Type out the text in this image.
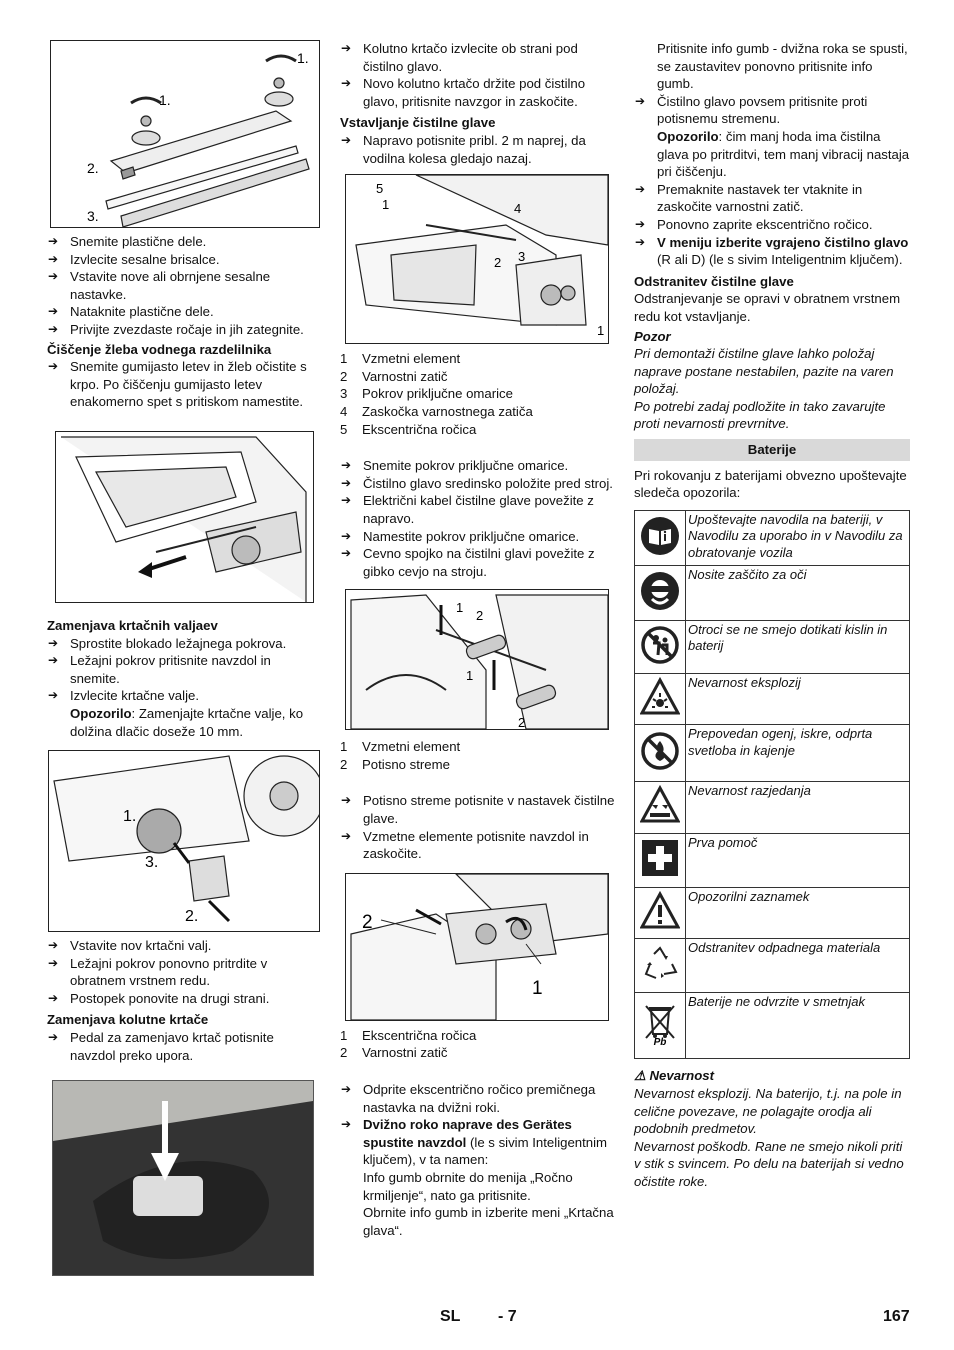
1.
1.
2.
3.
➔ Snemite plastične dele.
➔ Izvlecite sesalne brisalce.
➔ Vstavite nove ali obrnjene sesalne nastavke.
➔ Nataknite plastične dele.
➔ Privijte zvezdaste ročaje in jih zategnite.
Čiščenje žleba vodnega razdelilnika
➔ Snemite gumijasto letev in žleb očistite s krpo. Po čiščenju gumijasto letev enakomerno spet s pritiskom namestite.
Zamenjava krtačnih valjaev
➔ Sprostite blokado ležajnega pokrova.
➔ Ležajni pokrov pritisnite navzdol in snemite.
➔ Izvlecite krtačne valje.
Opozorilo: Zamenjajte krtačne valje, ko dolžina dlačic doseže 10 mm.
1.
3.
2.
➔ Vstavite nov krtačni valj.
➔ Ležajni pokrov ponovno pritrdite v obratnem vrstnem redu.
➔ Postopek ponovite na drugi strani.
Zamenjava kolutne krtače
➔ Pedal za zamenjavo krtač potisnite navzdol preko upora.
➔ Kolutno krtačo izvlecite ob strani pod čistilno glavo.
➔ Novo kolutno krtačo držite pod čistilno glavo, pritisnite navzgor in zaskočite.
Vstavljanje čistilne glave
➔ Napravo potisnite pribl. 2 m naprej, da vodilna kolesa gledajo nazaj.
5
1	4
2 3
1
1	Vzmetni element
2	Varnostni zatič
3	Pokrov priključne omarice
4	Zaskočka varnostnega zatiča
5	Ekscentrična ročica
➔ Snemite pokrov priključne omarice.
➔ Čistilno glavo sredinsko položite pred stroj.
➔ Električni kabel čistilne glave povežite z napravo.
➔ Namestite pokrov priključne omarice.
➔ Cevno spojko na čistilni glavi povežite z gibko cevjo na stroju.
1
2
1
2
1	Vzmetni element
2	Potisno streme
➔ Potisno streme potisnite v nastavek čistilne glave.
➔ Vzmetne elemente potisnite navzdol in zaskočite.
2
1
1	Ekscentrična ročica
2	Varnostni zatič
➔ Odprite ekscentrično ročico premičnega nastavka na dvižni roki.
➔ Dvižno roko naprave des Gerätes spustite navzdol (le s sivim Inteligentnim ključem), v ta namen:
Info gumb obrnite do menija „Ročno krmiljenje“, nato ga pritisnite.
Obrnite info gumb in izberite meni „Krtačna glava“.
Pritisnite info gumb - dvižna roka se spusti, se zaustavitev ponovno pritisnite info gumb.
➔ Čistilno glavo povsem pritisnite proti potisnemu stremenu.
Opozorilo: čim manj hoda ima čistilna glava po pritrditvi, tem manj vibracij nastaja pri čiščenju.
➔ Premaknite nastavek ter vtaknite in zaskočite varnostni zatič.
➔ Ponovno zaprite ekscentrično ročico.
➔ V meniju izberite vgrajeno čistilno glavo (R ali D) (le s sivim Inteligentnim ključem).
Odstranitev čistilne glave
Odstranjevanje se opravi v obratnem vrstnem redu kot vstavljanje.
Pozor
Pri demontaži čistilne glave lahko položaj naprave postane nestabilen, pazite na varen položaj.
Po potrebi zadaj podložite in tako zavarujte proti nevarnosti prevrnitve.
Baterije
Pri rokovanju z baterijami obvezno upoštevajte sledeča opozorila:
	Upoštevajte navodila na bateriji, v Navodilu za uporabo in v Navodilu za obratovanje vozila
	Nosite zaščito za oči
	Otroci se ne smejo dotikati kislin in baterij
	Nevarnost eksplozij
	Prepovedan ogenj, iskre, odprta svetloba in kajenje
	Nevarnost razjedanja
	Prva pomoč
	Opozorilni zaznamek
	Odstranitev odpadnega materiala

Pb	Baterije ne odvrzite v smetnjak
⚠ Nevarnost
Nevarnost eksplozij. Na baterijo, t.j. na pole in celične povezave, ne polagajte orodja ali podobnih predmetov.
Nevarnost poškodb. Rane ne smejo nikoli priti v stik s svincem. Po delu na baterijah si vedno očistite roke.
SL - 7	167
